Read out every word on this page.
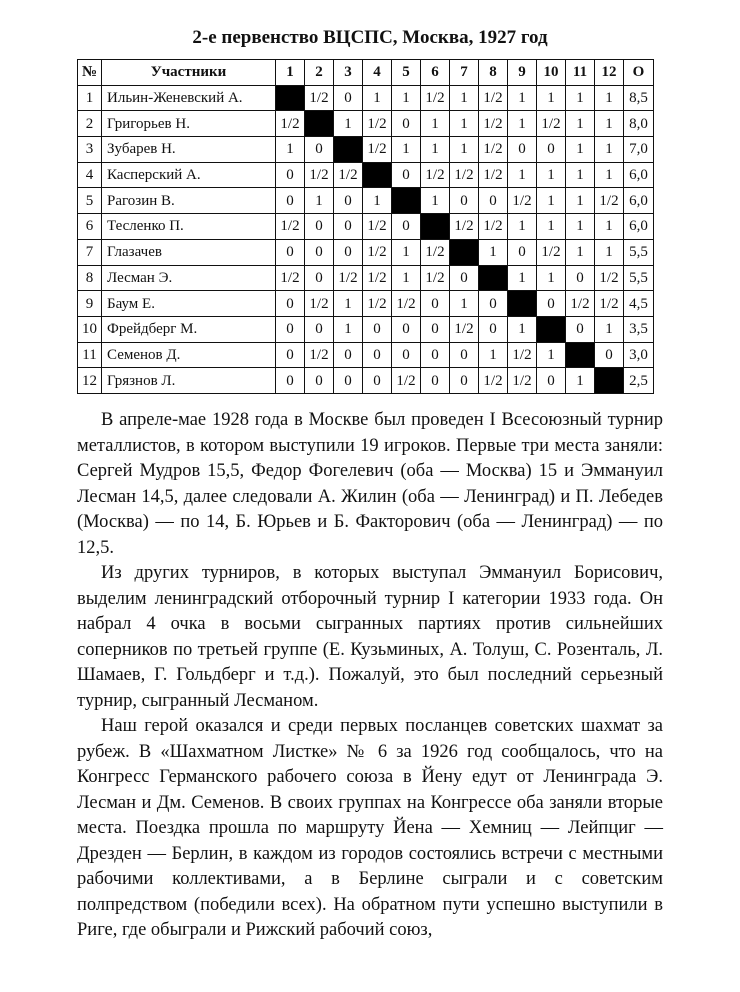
2-е первенство ВЦСПС, Москва, 1927 год
№	Участники	1	2	3	4	5	6	7	8	9	10	11	12	О
1	Ильин-Женевский А.		1/2	0	1	1	1/2	1	1/2	1	1	1	1	8,5
2	Григорьев Н.	1/2		1	1/2	0	1	1	1/2	1	1/2	1	1	8,0
3	Зубарев Н.	1	0		1/2	1	1	1	1/2	0	0	1	1	7,0
4	Касперский А.	0	1/2	1/2		0	1/2	1/2	1/2	1	1	1	1	6,0
5	Рагозин В.	0	1	0	1		1	0	0	1/2	1	1	1/2	6,0
6	Тесленко П.	1/2	0	0	1/2	0		1/2	1/2	1	1	1	1	6,0
7	Глазачев	0	0	0	1/2	1	1/2		1	0	1/2	1	1	5,5
8	Лесман Э.	1/2	0	1/2	1/2	1	1/2	0		1	1	0	1/2	5,5
9	Баум Е.	0	1/2	1	1/2	1/2	0	1	0		0	1/2	1/2	4,5
10	Фрейдберг М.	0	0	1	0	0	0	1/2	0	1		0	1	3,5
11	Семенов Д.	0	1/2	0	0	0	0	0	1	1/2	1		0	3,0
12	Грязнов Л.	0	0	0	0	1/2	0	0	1/2	1/2	0	1		2,5

В апреле-мае 1928 года в Москве был проведен I Всесоюзный турнир металлистов, в котором выступили 19 игроков. Первые три места заняли: Сергей Мудров 15,5, Федор Фогелевич (оба — Москва) 15 и Эммануил Лесман 14,5, далее следовали А. Жилин (оба — Ленинград) и П. Лебедев (Москва) — по 14, Б. Юрьев и Б. Факторович (оба — Ленинград) — по 12,5.

Из других турниров, в которых выступал Эммануил Борисович, выделим ленинградский отборочный турнир I категории 1933 года. Он набрал 4 очка в восьми сыгранных партиях против сильнейших соперников по третьей группе (Е. Кузьминых, А. Толуш, С. Розенталь, Л. Шамаев, Г. Гольдберг и т.д.). Пожалуй, это был последний серьезный турнир, сыгранный Лесманом.

Наш герой оказался и среди первых посланцев советских шахмат за рубеж. В «Шахматном Листке» № 6 за 1926 год сообщалось, что на Конгресс Германского рабочего союза в Йену едут от Ленинграда Э. Лесман и Дм. Семенов. В своих группах на Конгрессе оба заняли вторые места. Поездка прошла по маршруту Йена — Хемниц — Лейпциг — Дрезден — Берлин, в каждом из городов состоялись встречи с местными рабочими коллективами, а в Берлине сыграли и с советским полпредством (победили всех). На обратном пути успешно выступили в Риге, где обыграли и Рижский рабочий союз,
